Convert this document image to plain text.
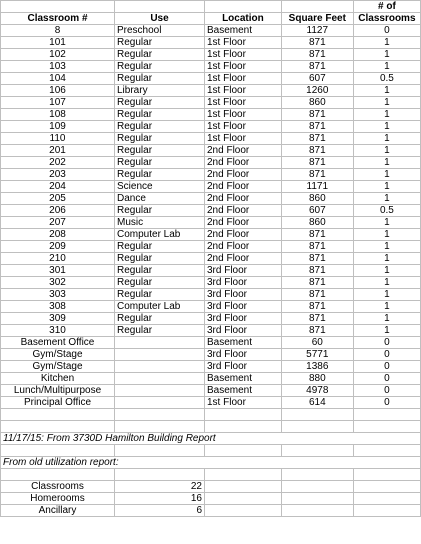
				# of
Classroom #	Use	Location	Square Feet	Classrooms
8	Preschool	Basement	1127	0
101	Regular	1st Floor	871	1
102	Regular	1st Floor	871	1
103	Regular	1st Floor	871	1
104	Regular	1st Floor	607	0.5
106	Library	1st Floor	1260	1
107	Regular	1st Floor	860	1
108	Regular	1st Floor	871	1
109	Regular	1st Floor	871	1
110	Regular	1st Floor	871	1
201	Regular	2nd Floor	871	1
202	Regular	2nd Floor	871	1
203	Regular	2nd Floor	871	1
204	Science	2nd Floor	1171	1
205	Dance	2nd Floor	860	1
206	Regular	2nd Floor	607	0.5
207	Music	2nd Floor	860	1
208	Computer Lab	2nd Floor	871	1
209	Regular	2nd Floor	871	1
210	Regular	2nd Floor	871	1
301	Regular	3rd Floor	871	1
302	Regular	3rd Floor	871	1
303	Regular	3rd Floor	871	1
308	Computer Lab	3rd Floor	871	1
309	Regular	3rd Floor	871	1
310	Regular	3rd Floor	871	1
Basement Office		Basement	60	0
Gym/Stage		3rd Floor	5771	0
Gym/Stage		3rd Floor	1386	0
Kitchen		Basement	880	0
Lunch/Multipurpose		Basement	4978	0
Principal Office		1st Floor	614	0

11/17/15: From 3730D Hamilton Building Report				

From old utilization report:				

Classrooms	22			
Homerooms	16			
Ancillary	6			
